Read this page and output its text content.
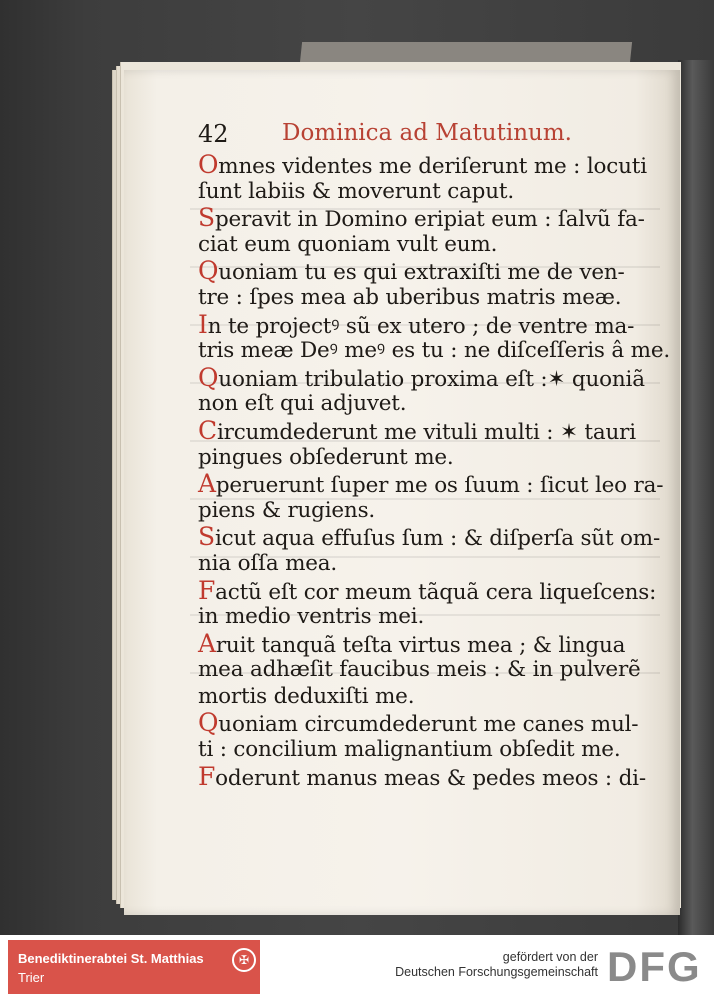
42 Dominica ad Matutinum.
Omnes videntes me deriſerunt me : locuti
ſunt labiis & moverunt caput.
Speravit in Domino eripiat eum : ſalvũ fa-
ciat eum quoniam vult eum.
Quoniam tu es qui extraxiſti me de ven-
tre : ſpes mea ab uberibus matris meæ.
In te projectꝰ sũ ex utero ; de ventre ma-
tris meæ Deꝰ meꝰ es tu : ne diſceſſeris â me.
Quoniam tribulatio proxima eſt :✶ quoniã
non eſt qui adjuvet.
Circumdederunt me vituli multi : ✶ tauri
pingues obſederunt me.
Aperuerunt ſuper me os ſuum : ſicut leo ra-
piens & rugiens.
Sicut aqua effuſus ſum : & diſperſa sũt om-
nia oſſa mea.
Factũ eſt cor meum tãquã cera liqueſcens:
in medio ventris mei.
Aruit tanquã teſta virtus mea ; & lingua
mea adhæſit faucibus meis : & in pulverẽ
mortis deduxiſti me.
Quoniam circumdederunt me canes mul-
ti : concilium malignantium obſedit me.
Foderunt manus meas & pedes meos : di-
Benediktinerabtei St. Matthias
Trier
✠	gefördert von der
Deutschen Forschungsgemeinschaft DFG
